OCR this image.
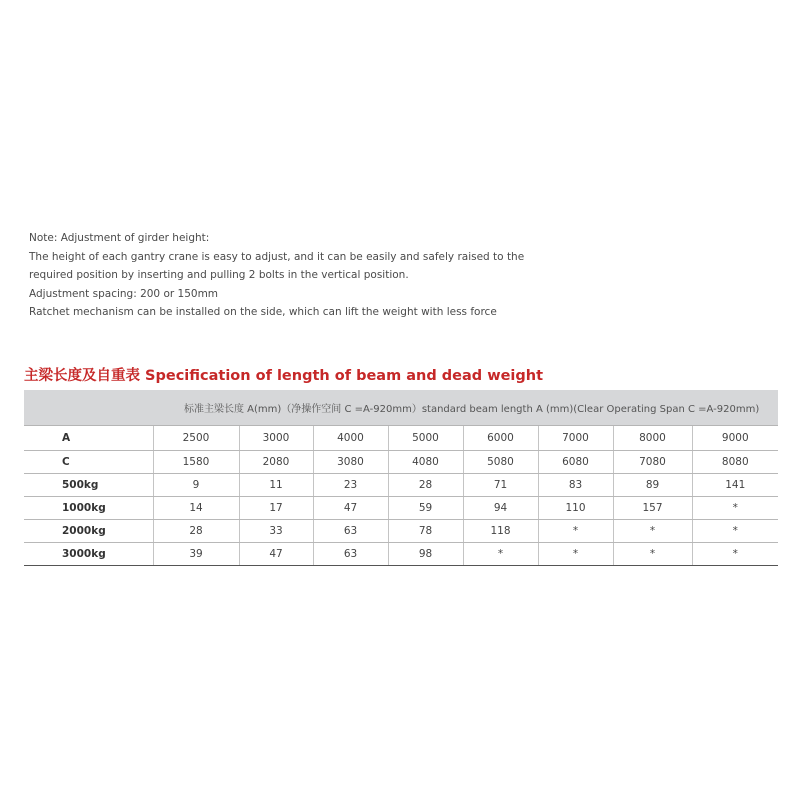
Note: Adjustment of girder height:
The height of each gantry crane is easy to adjust, and it can be easily and safely raised to the
required position by inserting and pulling 2 bolts in the vertical position.
Adjustment spacing: 200 or 150mm
Ratchet mechanism can be installed on the side, which can lift the weight with less force
主梁长度及自重表 Specification of length of beam and dead weight
标准主梁长度 A(mm)（净操作空间 C =A-920mm）standard beam length A (mm)(Clear Operating Span C =A-920mm)								
A	2500	3000	4000	5000	6000	7000	8000	9000
C	1580	2080	3080	4080	5080	6080	7080	8080
500kg	9	11	23	28	71	83	89	141
1000kg	14	17	47	59	94	110	157	*
2000kg	28	33	63	78	118	*	*	*
3000kg	39	47	63	98	*	*	*	*
